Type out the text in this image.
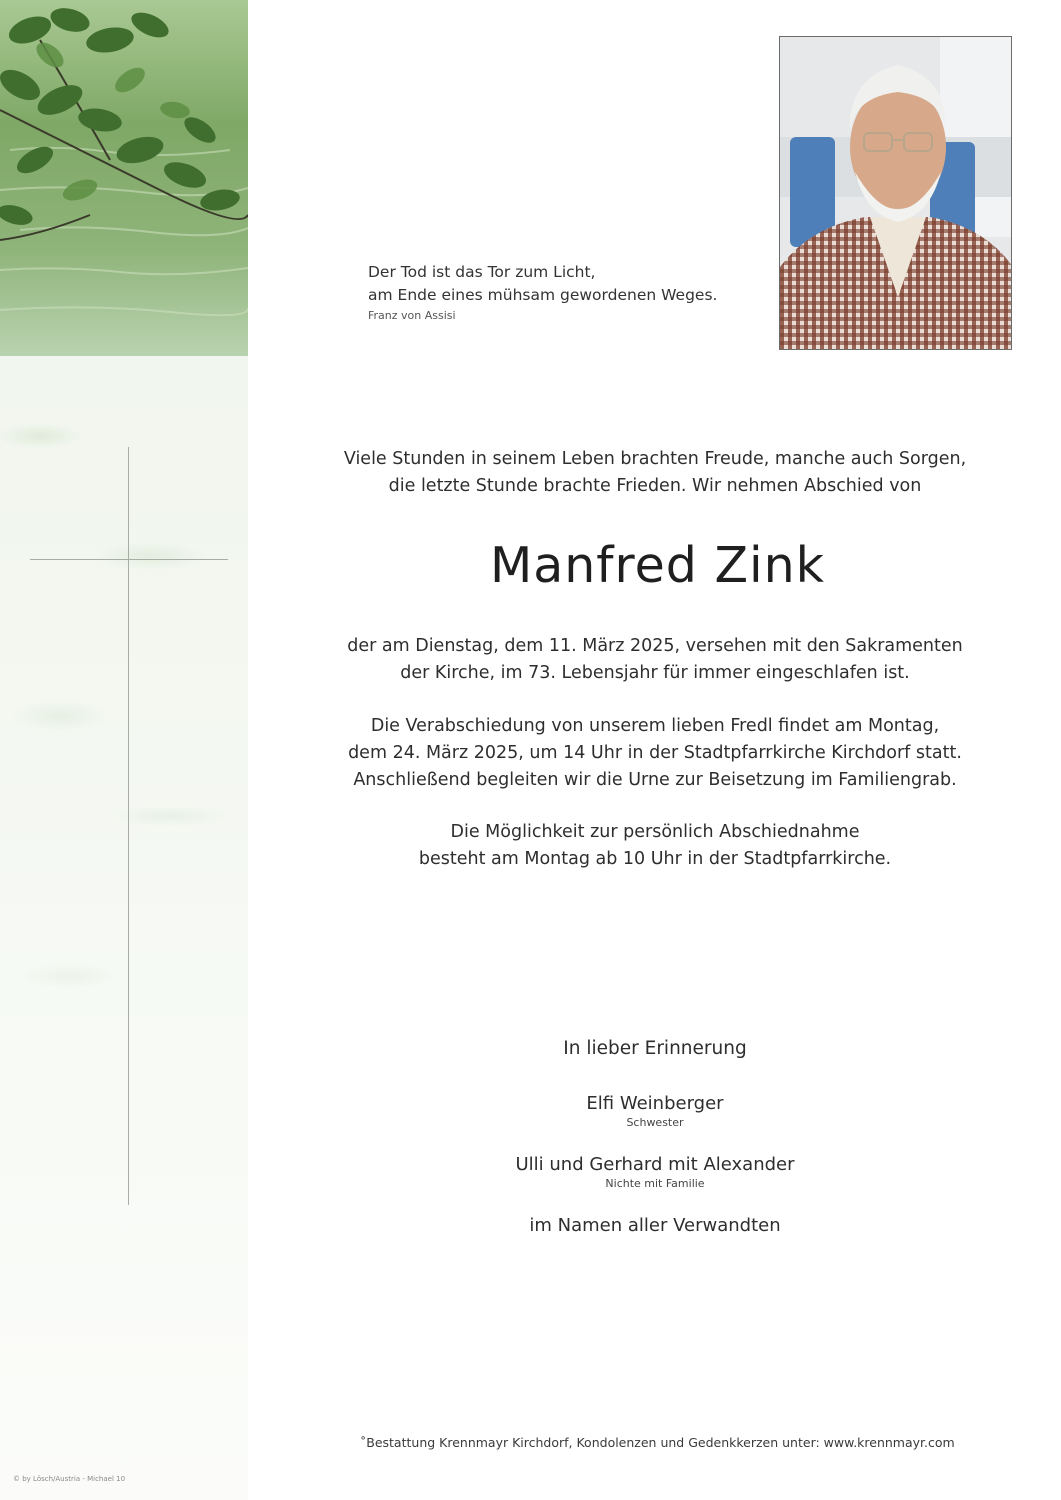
Der Tod ist das Tor zum Licht,
am Ende eines mühsam gewordenen Weges.
Franz von Assisi
Viele Stunden in seinem Leben brachten Freude, manche auch Sorgen,
die letzte Stunde brachte Frieden. Wir nehmen Abschied von
Manfred Zink
der am Dienstag, dem 11. März 2025, versehen mit den Sakramenten
der Kirche, im 73. Lebensjahr für immer eingeschlafen ist.
Die Verabschiedung von unserem lieben Fredl findet am Montag,
dem 24. März 2025, um 14 Uhr in der Stadtpfarrkirche Kirchdorf statt.
Anschließend begleiten wir die Urne zur Beisetzung im Familiengrab.
Die Möglichkeit zur persönlich Abschiednahme
besteht am Montag ab 10 Uhr in der Stadtpfarrkirche.
In lieber Erinnerung
Elfi Weinberger
Schwester
Ulli und Gerhard mit Alexander
Nichte mit Familie
im Namen aller Verwandten
˚Bestattung Krennmayr Kirchdorf, Kondolenzen und Gedenkkerzen unter: www.krennmayr.com
© by Lösch/Austria - Michael 10
